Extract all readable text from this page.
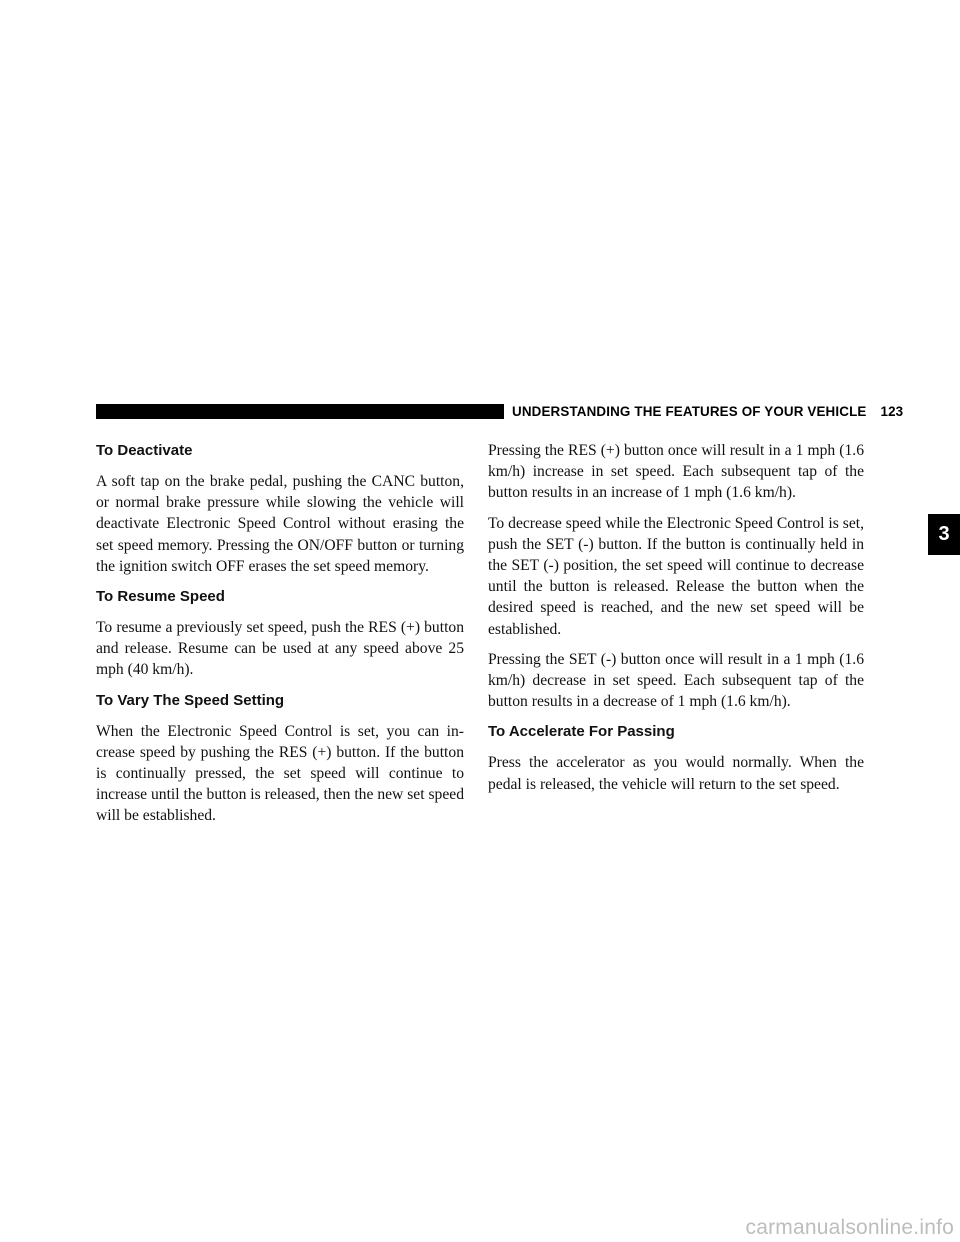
UNDERSTANDING THE FEATURES OF YOUR VEHICLE 123
3
To Deactivate

A soft tap on the brake pedal, pushing the CANC button, or normal brake pressure while slowing the vehicle will deactivate Electronic Speed Control without erasing the set speed memory. Pressing the ON/OFF button or turning the ignition switch OFF erases the set speed memory.

To Resume Speed

To resume a previously set speed, push the RES (+) button and release. Resume can be used at any speed above 25 mph (40 km/h).

To Vary The Speed Setting

When the Electronic Speed Control is set, you can in-crease speed by pushing the RES (+) button. If the button is continually pressed, the set speed will continue to increase until the button is released, then the new set speed will be established.

Pressing the RES (+) button once will result in a 1 mph (1.6 km/h) increase in set speed. Each subsequent tap of the button results in an increase of 1 mph (1.6 km/h).

To decrease speed while the Electronic Speed Control is set, push the SET (-) button. If the button is continually held in the SET (-) position, the set speed will continue to decrease until the button is released. Release the button when the desired speed is reached, and the new set speed will be established.

Pressing the SET (-) button once will result in a 1 mph (1.6 km/h) decrease in set speed. Each subsequent tap of the button results in a decrease of 1 mph (1.6 km/h).

To Accelerate For Passing

Press the accelerator as you would normally. When the pedal is released, the vehicle will return to the set speed.

carmanualsonline.info
